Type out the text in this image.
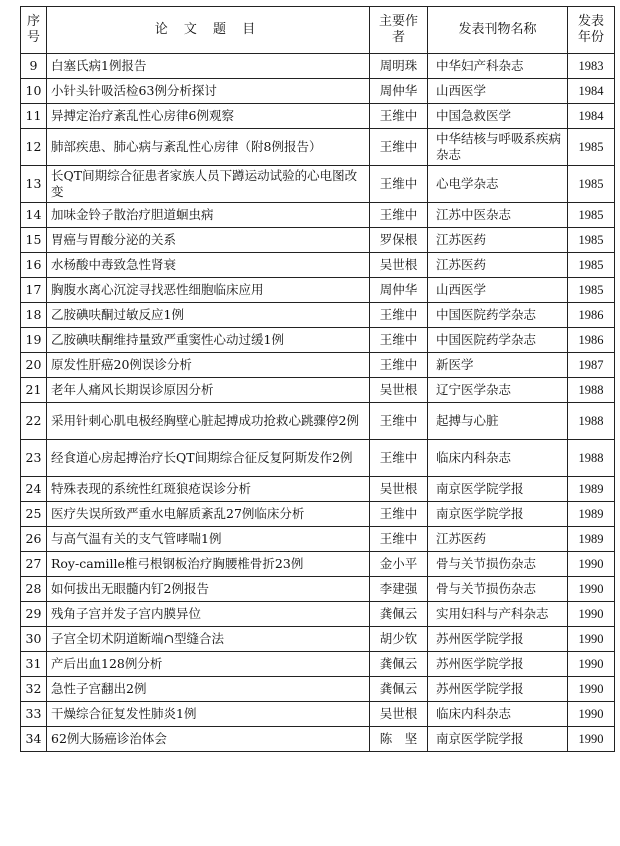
序号	论 文 题 目	主要作者	发表刊物名称	发表年份
9	白塞氏病1例报告	周明珠	中华妇产科杂志	1983
10	小针头针吸活检63例分析探讨	周仲华	山西医学	1984
11	异搏定治疗紊乱性心房律6例观察	王维中	中国急救医学	1984
12	肺部疾患、肺心病与紊乱性心房律（附8例报告）	王维中	中华结核与呼吸系疾病杂志	1985
13	长QT间期综合征患者家族人员下蹲运动试验的心电图改变	王维中	心电学杂志	1985
14	加味金铃子散治疗胆道蛔虫病	王维中	江苏中医杂志	1985
15	胃癌与胃酸分泌的关系	罗保根	江苏医药	1985
16	水杨酸中毒致急性肾衰	吴世根	江苏医药	1985
17	胸腹水离心沉淀寻找恶性细胞临床应用	周仲华	山西医学	1985
18	乙胺碘呋酮过敏反应1例	王维中	中国医院药学杂志	1986
19	乙胺碘呋酮维持量致严重窦性心动过缓1例	王维中	中国医院药学杂志	1986
20	原发性肝癌20例误诊分析	王维中	新医学	1987
21	老年人痛风长期误诊原因分析	吴世根	辽宁医学杂志	1988
22	采用针刺心肌电极经胸壁心脏起搏成功抢救心跳骤停2例	王维中	起搏与心脏	1988
23	经食道心房起搏治疗长QT间期综合征反复阿斯发作2例	王维中	临床内科杂志	1988
24	特殊表现的系统性红斑狼疮误诊分析	吴世根	南京医学院学报	1989
25	医疗失误所致严重水电解质紊乱27例临床分析	王维中	南京医学院学报	1989
26	与高气温有关的支气管哮喘1例	王维中	江苏医药	1989
27	Roy-camille椎弓根钢板治疗胸腰椎骨折23例	金小平	骨与关节损伤杂志	1990
28	如何拔出无眼髓内钉2例报告	李建强	骨与关节损伤杂志	1990
29	残角子宫并发子宫内膜异位	龚佩云	实用妇科与产科杂志	1990
30	子宫全切术阴道断端∩型缝合法	胡少钦	苏州医学院学报	1990
31	产后出血128例分析	龚佩云	苏州医学院学报	1990
32	急性子宫翻出2例	龚佩云	苏州医学院学报	1990
33	干燥综合征复发性肺炎1例	吴世根	临床内科杂志	1990
34	62例大肠癌诊治体会	陈　坚	南京医学院学报	1990
